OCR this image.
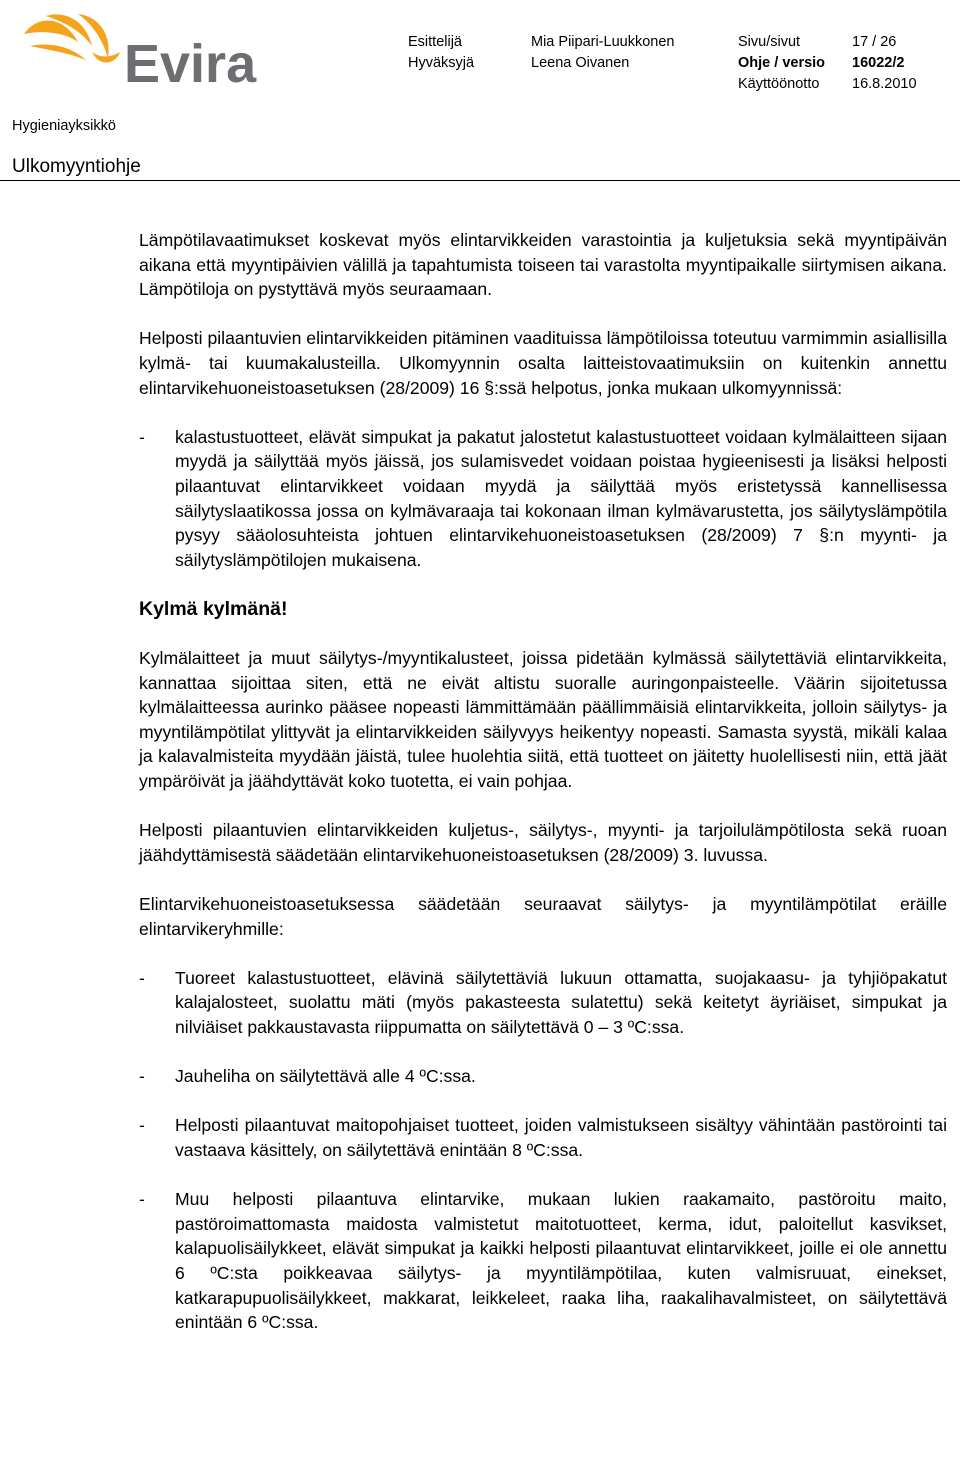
Evira	Esittelijä	Mia Piipari-Luukkonen	Sivu/sivut	17 / 26
Hyväksyjä	Leena Oivanen	Ohje / versio 16022/2
Käyttöönotto 16.8.2010
Hygieniayksikkö
Ulkomyyntiohje

Lämpötilavaatimukset koskevat myös elintarvikkeiden varastointia ja kuljetuksia sekä myyntipäivän aikana että myyntipäivien välillä ja tapahtumista toiseen tai varastolta myyntipaikalle siirtymisen aikana. Lämpötiloja on pystyttävä myös seuraamaan.

Helposti pilaantuvien elintarvikkeiden pitäminen vaadituissa lämpötiloissa toteutuu varmimmin asiallisilla kylmä- tai kuumakalusteilla. Ulkomyynnin osalta laitteistovaatimuksiin on kuitenkin annettu elintarvikehuoneistoasetuksen (28/2009) 16 §:ssä helpotus, jonka mukaan ulkomyynnissä:

- kalastustuotteet, elävät simpukat ja pakatut jalostetut kalastustuotteet voidaan kylmälaitteen sijaan myydä ja säilyttää myös jäissä, jos sulamisvedet voidaan poistaa hygieenisesti ja lisäksi helposti pilaantuvat elintarvikkeet voidaan myydä ja säilyttää myös eristetyssä kannellisessa säilytyslaatikossa jossa on kylmävaraaja tai kokonaan ilman kylmävarustetta, jos säilytyslämpötila pysyy sääolosuhteista johtuen elintarvikehuoneistoasetuksen (28/2009) 7 §:n myynti- ja säilytyslämpötilojen mukaisena.
Kylmä kylmänä!

Kylmälaitteet ja muut säilytys-/myyntikalusteet, joissa pidetään kylmässä säilytettäviä elintarvikkeita, kannattaa sijoittaa siten, että ne eivät altistu suoralle auringonpaisteelle. Väärin sijoitetussa kylmälaitteessa aurinko pääsee nopeasti lämmittämään päällimmäisiä elintarvikkeita, jolloin säilytys- ja myyntilämpötilat ylittyvät ja elintarvikkeiden säilyvyys heikentyy nopeasti. Samasta syystä, mikäli kalaa ja kalavalmisteita myydään jäistä, tulee huolehtia siitä, että tuotteet on jäitetty huolellisesti niin, että jäät ympäröivät ja jäähdyttävät koko tuotetta, ei vain pohjaa.

Helposti pilaantuvien elintarvikkeiden kuljetus-, säilytys-, myynti- ja tarjoilulämpötilosta sekä ruoan jäähdyttämisestä säädetään elintarvikehuoneistoasetuksen (28/2009) 3. luvussa.

Elintarvikehuoneistoasetuksessa säädetään seuraavat säilytys- ja myyntilämpötilat eräille elintarvikeryhmille:

- Tuoreet kalastustuotteet, elävinä säilytettäviä lukuun ottamatta, suojakaasu- ja tyhjiöpakatut kalajalosteet, suolattu mäti (myös pakasteesta sulatettu) sekä keitetyt äyriäiset, simpukat ja nilviäiset pakkaustavasta riippumatta on säilytettävä 0 – 3 ºC:ssa.
- Jauheliha on säilytettävä alle 4 ºC:ssa.
- Helposti pilaantuvat maitopohjaiset tuotteet, joiden valmistukseen sisältyy vähintään pastörointi tai vastaava käsittely, on säilytettävä enintään 8 ºC:ssa.
- Muu helposti pilaantuva elintarvike, mukaan lukien raakamaito, pastöroitu maito, pastöroimattomasta maidosta valmistetut maitotuotteet, kerma, idut, paloitellut kasvikset, kalapuolisäilykkeet, elävät simpukat ja kaikki helposti pilaantuvat elintarvikkeet, joille ei ole annettu 6 ºC:sta poikkeavaa säilytys- ja myyntilämpötilaa, kuten valmisruuat, einekset, katkarapupuolisäilykkeet, makkarat, leikkeleet, raaka liha, raakalihavalmisteet, on säilytettävä enintään 6 ºC:ssa.
